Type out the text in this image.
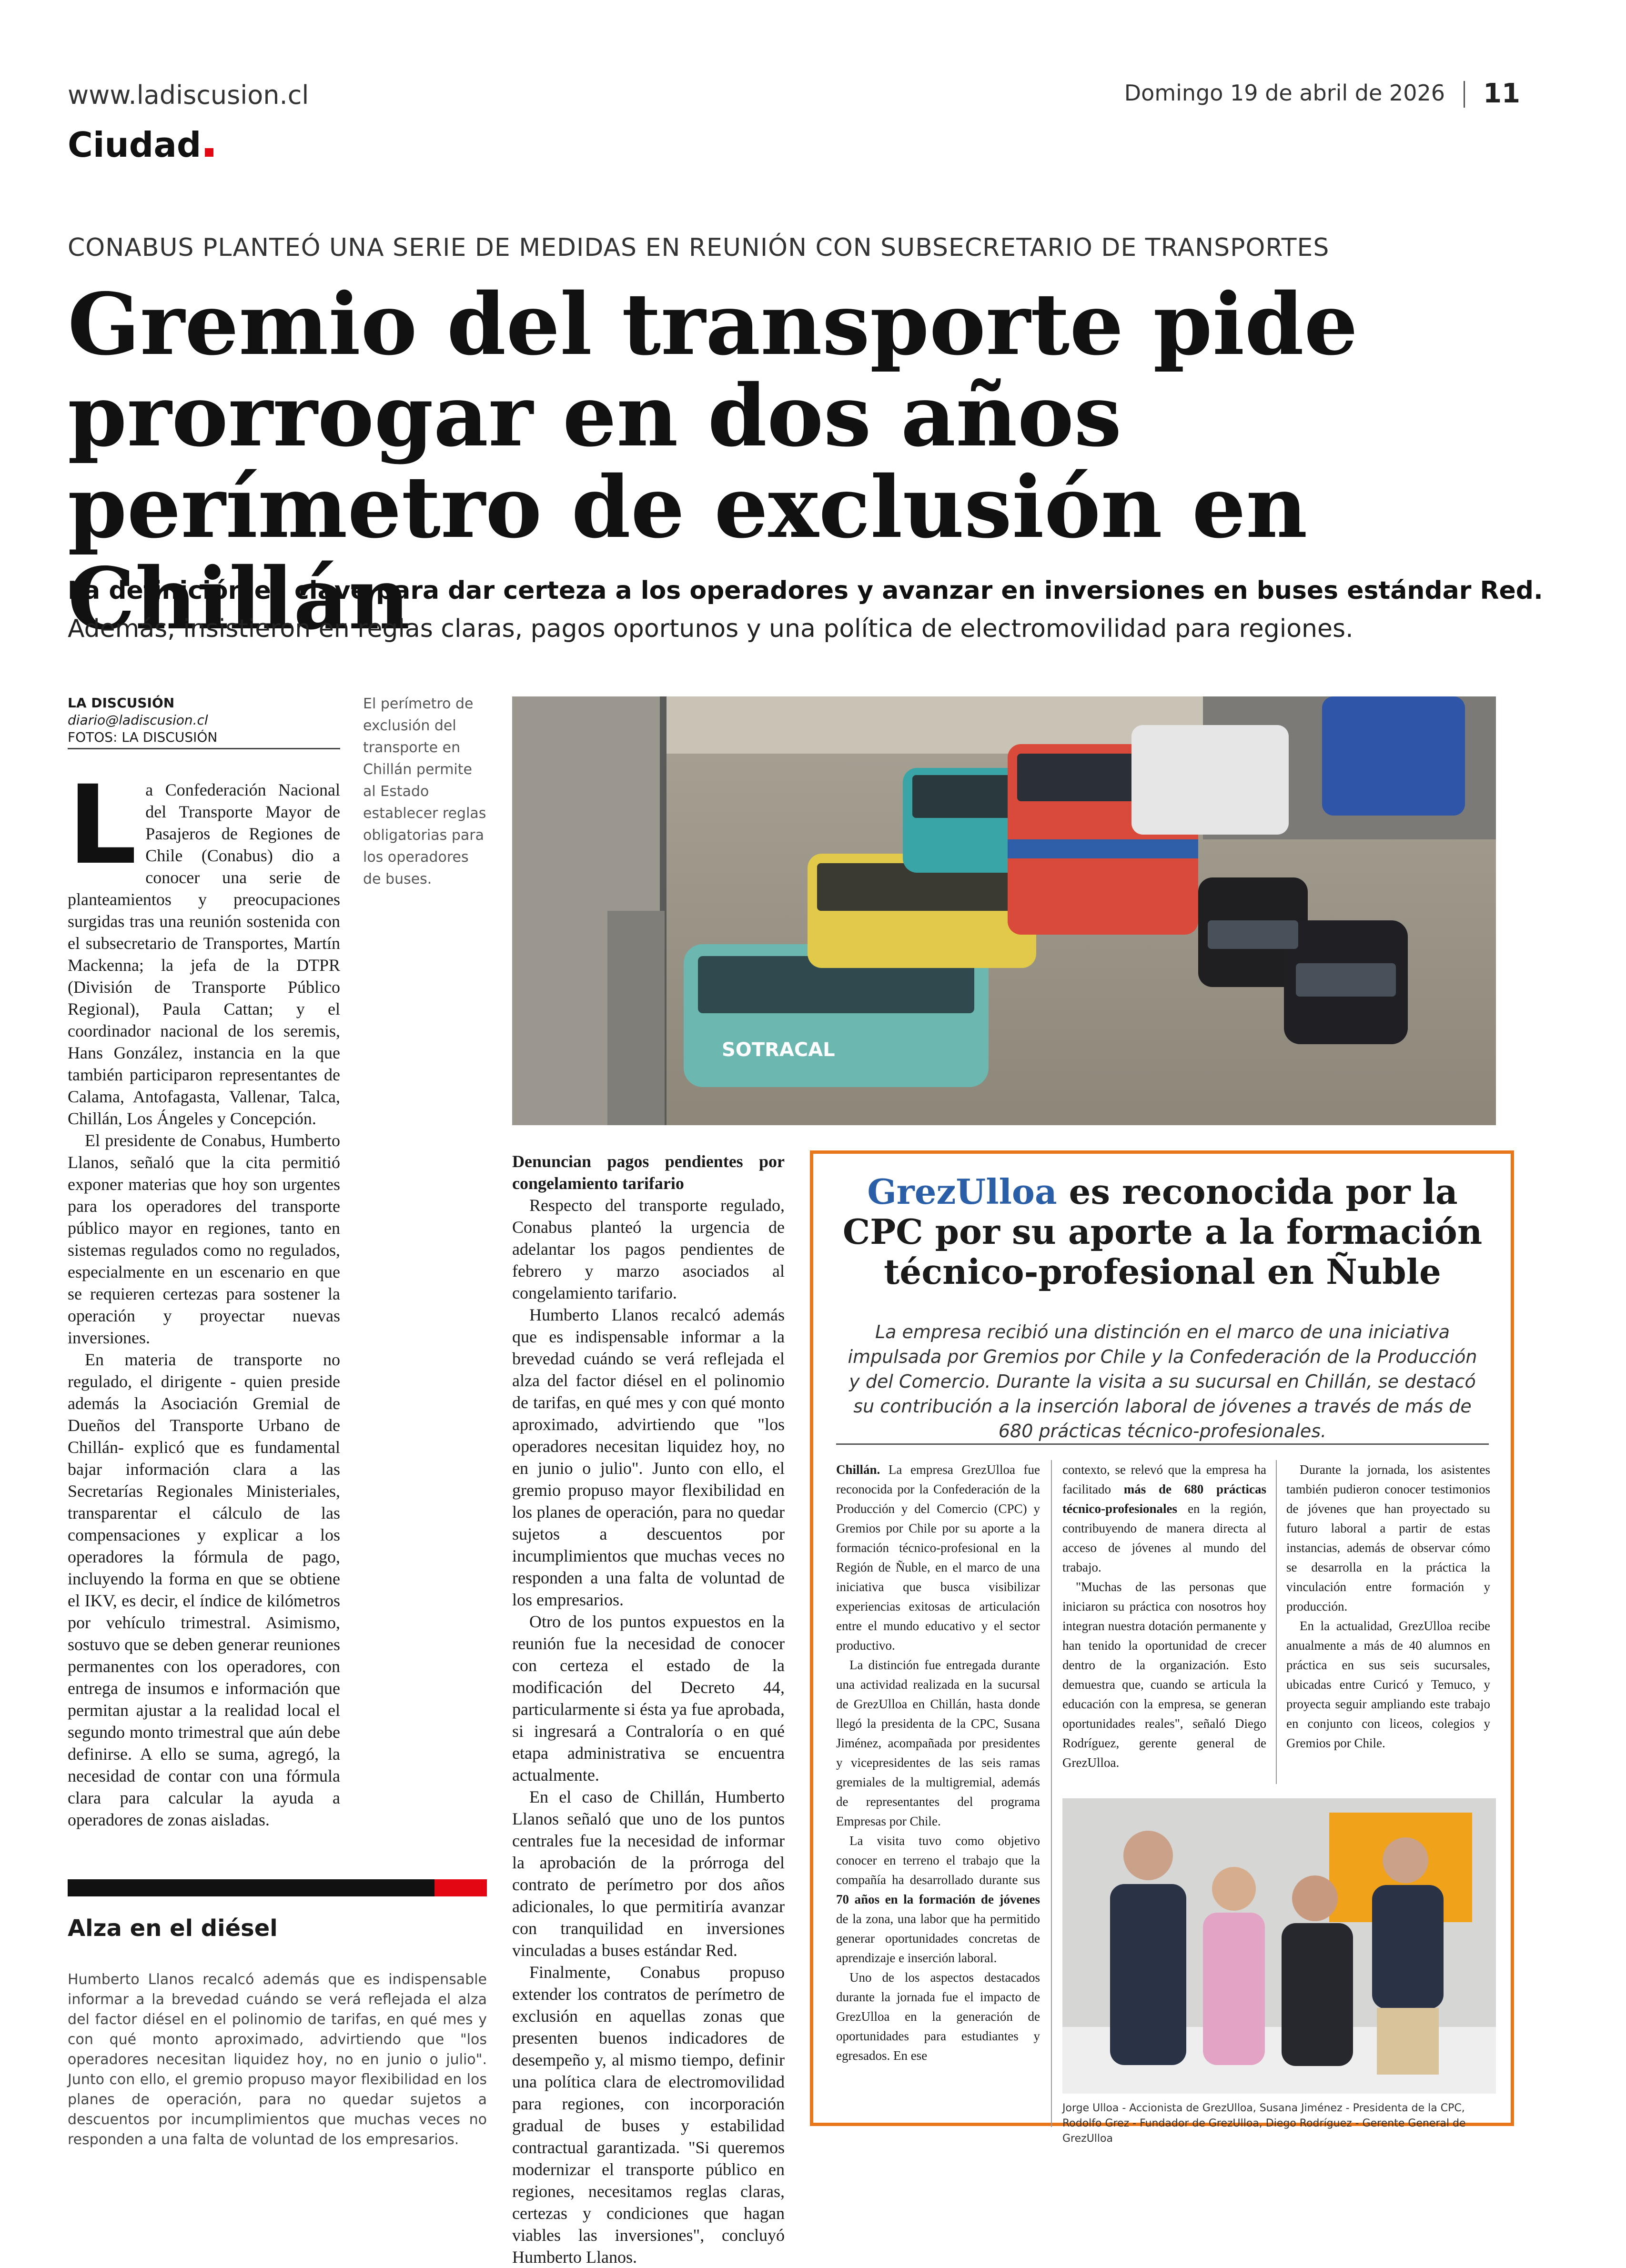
www.ladiscusion.cl	Domingo 19 de abril de 2026 11
Ciudad
CONABUS PLANTEÓ UNA SERIE DE MEDIDAS EN REUNIÓN CON SUBSECRETARIO DE TRANSPORTES
Gremio del transporte pide prorrogar en dos años perímetro de exclusión en Chillán
La definición es clave para dar certeza a los operadores y avanzar en inversiones en buses estándar Red. Además, insistieron en reglas claras, pagos oportunos y una política de electromovilidad para regiones.
LA DISCUSIÓN
diario@ladiscusion.cl
FOTOS: LA DISCUSIÓN
El perímetro de exclusión del transporte en Chillán permite al Estado establecer reglas obligatorias para los operadores de buses.
SOTRACAL
L a Confederación Nacional del Transporte Mayor de Pasajeros de Regiones de Chile (Conabus) dio a conocer una serie de planteamientos y preocupaciones surgidas tras una reunión sostenida con el subsecretario de Transportes, Martín Mackenna; la jefa de la DTPR (División de Transporte Público Regional), Paula Cattan; y el coordinador nacional de los seremis, Hans González, instancia en la que también participaron representantes de Calama, Antofagasta, Vallenar, Talca, Chillán, Los Ángeles y Concepción.

El presidente de Conabus, Humberto Llanos, señaló que la cita permitió exponer materias que hoy son urgentes para los operadores del transporte público mayor en regiones, tanto en sistemas regulados como no regulados, especialmente en un escenario en que se requieren certezas para sostener la operación y proyectar nuevas inversiones.

En materia de transporte no regulado, el dirigente - quien preside además la Asociación Gremial de Dueños del Transporte Urbano de Chillán- explicó que es fundamental bajar información clara a las Secretarías Regionales Ministeriales, transparentar el cálculo de las compensaciones y explicar a los operadores la fórmula de pago, incluyendo la forma en que se obtiene el IKV, es decir, el índice de kilómetros por vehículo trimestral. Asimismo, sostuvo que se deben generar reuniones permanentes con los operadores, con entrega de insumos e información que permitan ajustar a la realidad local el segundo monto trimestral que aún debe definirse. A ello se suma, agregó, la necesidad de contar con una fórmula clara para calcular la ayuda a operadores de zonas aisladas.

Denuncian pagos pendientes por congelamiento tarifario

Respecto del transporte regulado, Conabus planteó la urgencia de adelantar los pagos pendientes de febrero y marzo asociados al congelamiento tarifario.

Humberto Llanos recalcó además que es indispensable informar a la brevedad cuándo se verá reflejada el alza del factor diésel en el polinomio de tarifas, en qué mes y con qué monto aproximado, advirtiendo que "los operadores necesitan liquidez hoy, no en junio o julio". Junto con ello, el gremio propuso mayor flexibilidad en los planes de operación, para no quedar sujetos a descuentos por incumplimientos que muchas veces no responden a una falta de voluntad de los empresarios.

Otro de los puntos expuestos en la reunión fue la necesidad de conocer con certeza el estado de la modificación del Decreto 44, particularmente si ésta ya fue aprobada, si ingresará a Contraloría o en qué etapa administrativa se encuentra actualmente.

En el caso de Chillán, Humberto Llanos señaló que uno de los puntos centrales fue la necesidad de informar la aprobación de la prórroga del contrato de perímetro por dos años adicionales, lo que permitiría avanzar con tranquilidad en inversiones vinculadas a buses estándar Red.

Finalmente, Conabus propuso extender los contratos de perímetro de exclusión en aquellas zonas que presenten buenos indicadores de desempeño y, al mismo tiempo, definir una política clara de electromovilidad para regiones, con incorporación gradual de buses y estabilidad contractual garantizada. "Si queremos modernizar el transporte público en regiones, necesitamos reglas claras, certezas y condiciones que hagan viables las inversiones", concluyó Humberto Llanos.

Alza en el diésel
Humberto Llanos recalcó además que es indispensable informar a la brevedad cuándo se verá reflejada el alza del factor diésel en el polinomio de tarifas, en qué mes y con qué monto aproximado, advirtiendo que "los operadores necesitan liquidez hoy, no en junio o julio". Junto con ello, el gremio propuso mayor flexibilidad en los planes de operación, para no quedar sujetos a descuentos por incumplimientos que muchas veces no responden a una falta de voluntad de los empresarios.
GrezUlloa es reconocida por la CPC por su aporte a la formación técnico-profesional en Ñuble
La empresa recibió una distinción en el marco de una iniciativa impulsada por Gremios por Chile y la Confederación de la Producción y del Comercio. Durante la visita a su sucursal en Chillán, se destacó su contribución a la inserción laboral de jóvenes a través de más de 680 prácticas técnico-profesionales.

Chillán. La empresa GrezUlloa fue reconocida por la Confederación de la Producción y del Comercio (CPC) y Gremios por Chile por su aporte a la formación técnico-profesional en la Región de Ñuble, en el marco de una iniciativa que busca visibilizar experiencias exitosas de articulación entre el mundo educativo y el sector productivo.

La distinción fue entregada durante una actividad realizada en la sucursal de GrezUlloa en Chillán, hasta donde llegó la presidenta de la CPC, Susana Jiménez, acompañada por presidentes y vicepresidentes de las seis ramas gremiales de la multigremial, además de representantes del programa Empresas por Chile.

La visita tuvo como objetivo conocer en terreno el trabajo que la compañía ha desarrollado durante sus 70 años en la formación de jóvenes de la zona, una labor que ha permitido generar oportunidades concretas de aprendizaje e inserción laboral.

Uno de los aspectos destacados durante la jornada fue el impacto de GrezUlloa en la generación de oportunidades para estudiantes y egresados. En ese

contexto, se relevó que la empresa ha facilitado más de 680 prácticas técnico-profesionales en la región, contribuyendo de manera directa al acceso de jóvenes al mundo del trabajo.

"Muchas de las personas que iniciaron su práctica con nosotros hoy integran nuestra dotación permanente y han tenido la oportunidad de crecer dentro de la organización. Esto demuestra que, cuando se articula la educación con la empresa, se generan oportunidades reales", señaló Diego Rodríguez, gerente general de GrezUlloa.

Durante la jornada, los asistentes también pudieron conocer testimonios de jóvenes que han proyectado su futuro laboral a partir de estas instancias, además de observar cómo se desarrolla en la práctica la vinculación entre formación y producción.

En la actualidad, GrezUlloa recibe anualmente a más de 40 alumnos en práctica en sus seis sucursales, ubicadas entre Curicó y Temuco, y proyecta seguir ampliando este trabajo en conjunto con liceos, colegios y Gremios por Chile.

Jorge Ulloa - Accionista de GrezUlloa, Susana Jiménez - Presidenta de la CPC, Rodolfo Grez - Fundador de GrezUlloa, Diego Rodríguez - Gerente General de GrezUlloa
